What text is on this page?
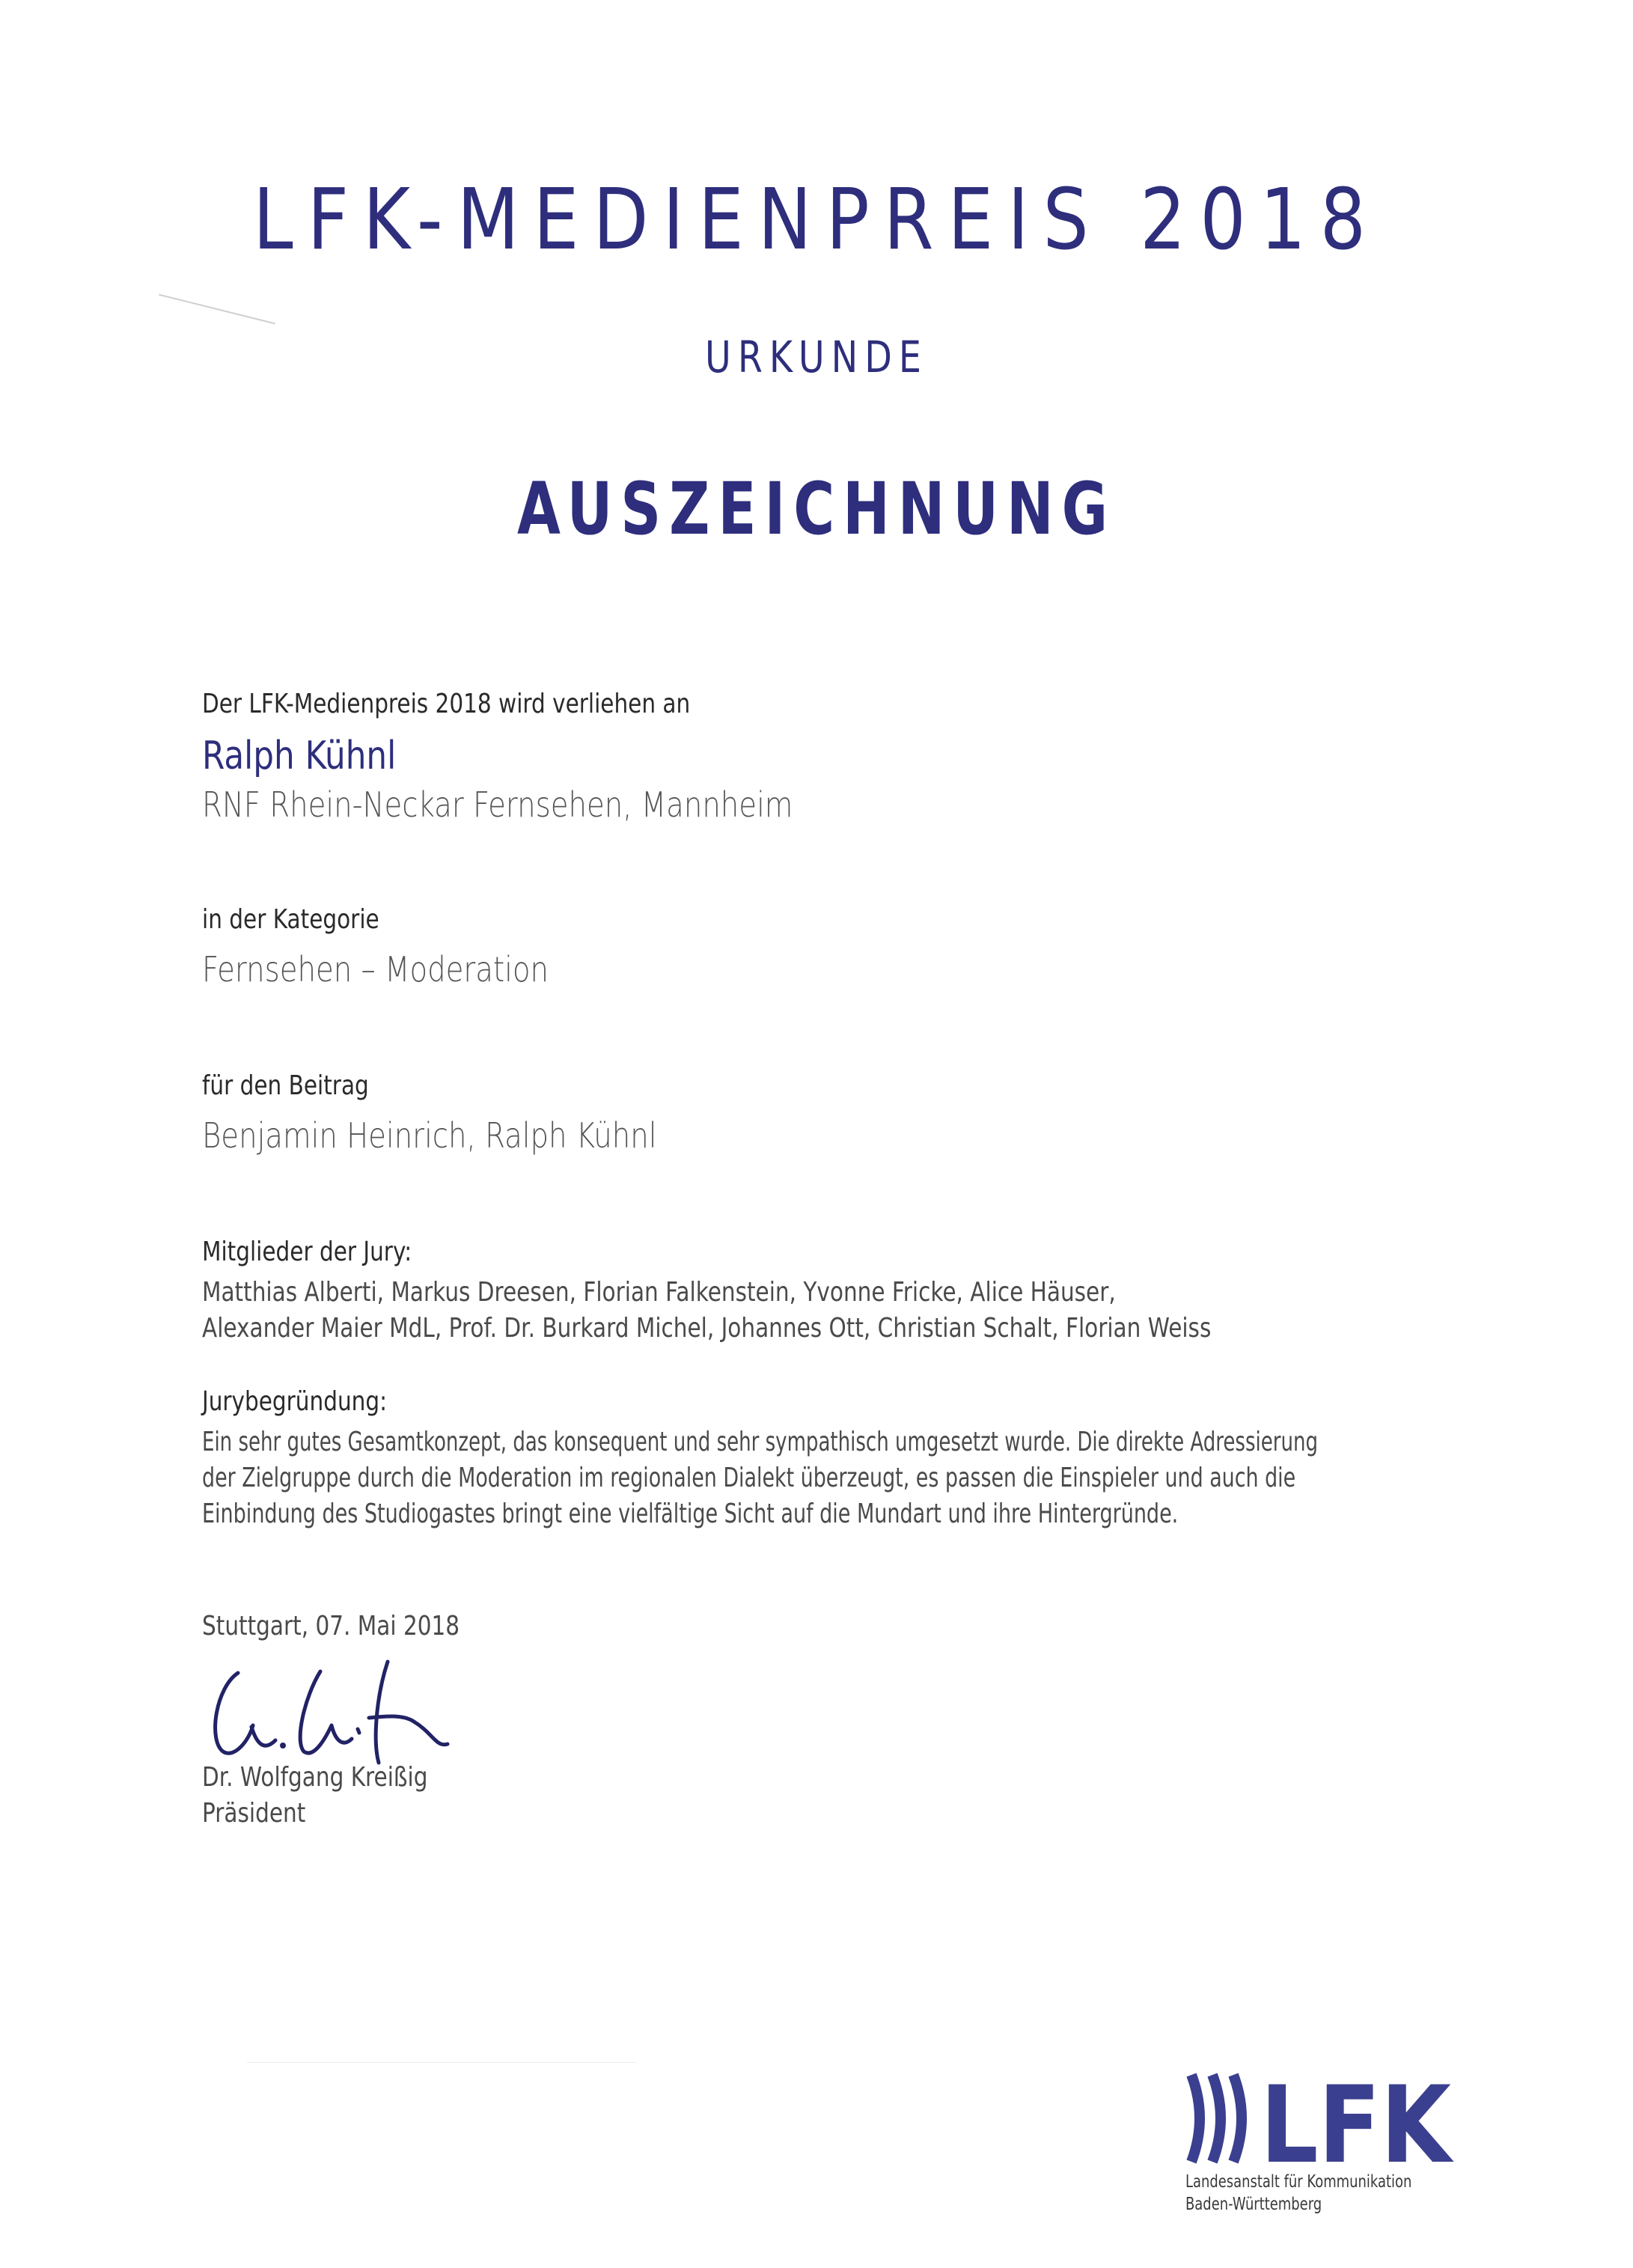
LFK-MEDIENPREIS 2018
URKUNDE
AUSZEICHNUNG
Der LFK-Medienpreis 2018 wird verliehen an
Ralph Kühnl
RNF Rhein-Neckar Fernsehen, Mannheim
in der Kategorie
Fernsehen – Moderation
für den Beitrag
Benjamin Heinrich, Ralph Kühnl
Mitglieder der Jury:
Matthias Alberti, Markus Dreesen, Florian Falkenstein, Yvonne Fricke, Alice Häuser,
Alexander Maier MdL, Prof. Dr. Burkard Michel, Johannes Ott, Christian Schalt, Florian Weiss
Jurybegründung:
Ein sehr gutes Gesamtkonzept, das konsequent und sehr sympathisch umgesetzt wurde. Die direkte Adressierung
der Zielgruppe durch die Moderation im regionalen Dialekt überzeugt, es passen die Einspieler und auch die
Einbindung des Studiogastes bringt eine vielfältige Sicht auf die Mundart und ihre Hintergründe.
Stuttgart, 07. Mai 2018
Dr. Wolfgang Kreißig
Präsident
LFK
Landesanstalt für Kommunikation
Baden-Württemberg
